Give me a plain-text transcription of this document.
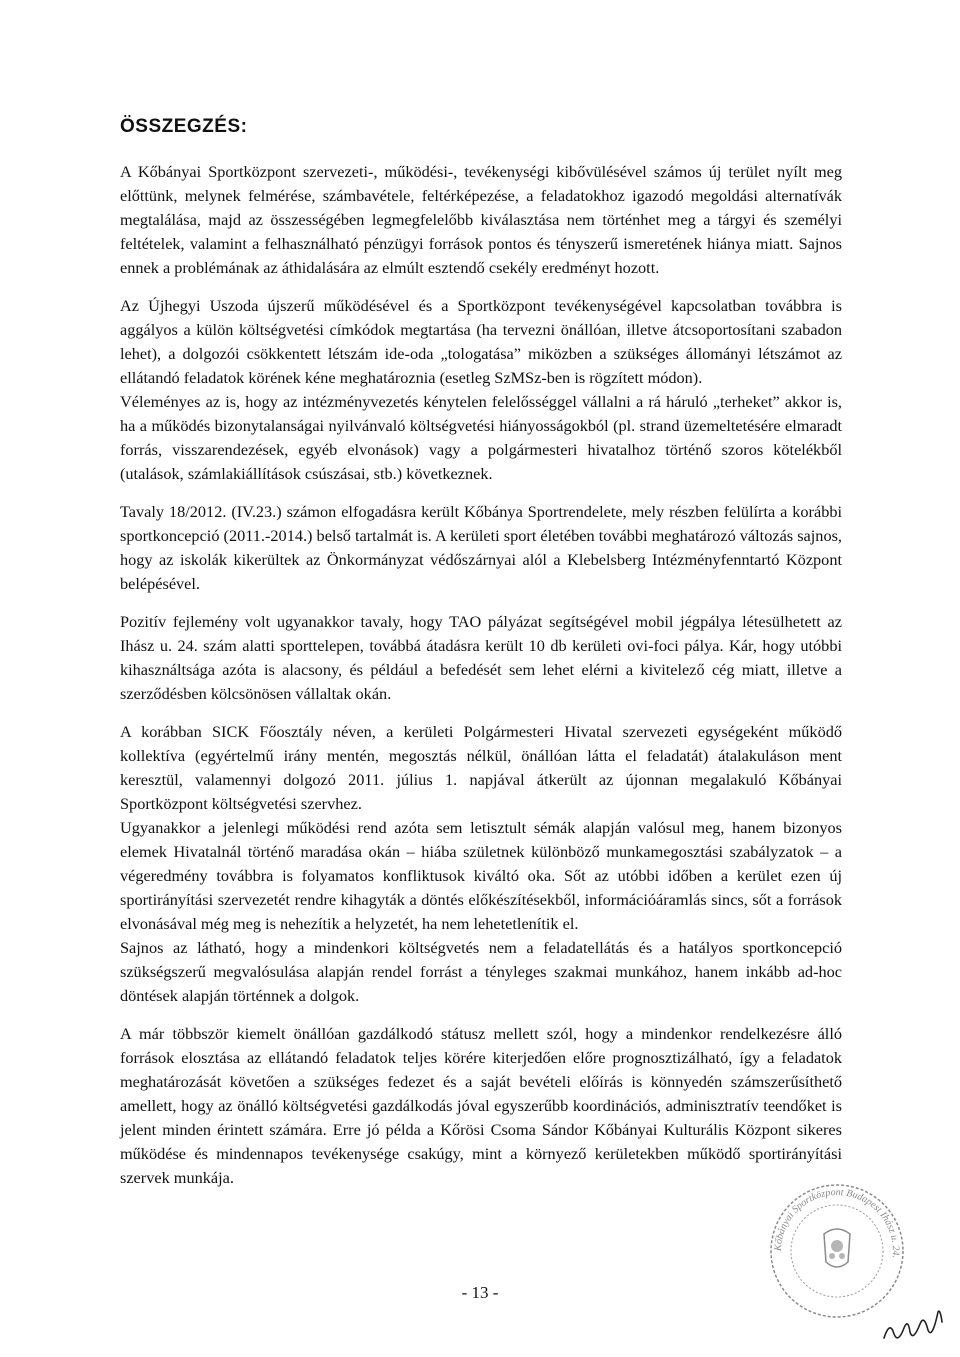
ÖSSZEGZÉS:

A Kőbányai Sportközpont szervezeti-, működési-, tevékenységi kibővülésével számos új terület nyílt meg előttünk, melynek felmérése, számbavétele, feltérképezése, a feladatokhoz igazodó megoldási alternatívák megtalálása, majd az összességében legmegfelelőbb kiválasztása nem történhet meg a tárgyi és személyi feltételek, valamint a felhasználható pénzügyi források pontos és tényszerű ismeretének hiánya miatt. Sajnos ennek a problémának az áthidalására az elmúlt esztendő csekély eredményt hozott.

Az Újhegyi Uszoda újszerű működésével és a Sportközpont tevékenységével kapcsolatban továbbra is aggályos a külön költségvetési címkódok megtartása (ha tervezni önállóan, illetve átcsoportosítani szabadon lehet), a dolgozói csökkentett létszám ide-oda „tologatása” miközben a szükséges állományi létszámot az ellátandó feladatok körének kéne meghatároznia (esetleg SzMSz-ben is rögzített módon).

Véleményes az is, hogy az intézményvezetés kénytelen felelősséggel vállalni a rá háruló „terheket” akkor is, ha a működés bizonytalanságai nyilvánvaló költségvetési hiányosságokból (pl. strand üzemeltetésére elmaradt forrás, visszarendezések, egyéb elvonások) vagy a polgármesteri hivatalhoz történő szoros kötelékből (utalások, számlakiállítások csúszásai, stb.) következnek.

Tavaly 18/2012. (IV.23.) számon elfogadásra került Kőbánya Sportrendelete, mely részben felülírta a korábbi sportkoncepció (2011.-2014.) belső tartalmát is. A kerületi sport életében további meghatározó változás sajnos, hogy az iskolák kikerültek az Önkormányzat védőszárnyai alól a Klebelsberg Intézményfenntartó Központ belépésével.

Pozitív fejlemény volt ugyanakkor tavaly, hogy TAO pályázat segítségével mobil jégpálya létesülhetett az Ihász u. 24. szám alatti sporttelepen, továbbá átadásra került 10 db kerületi ovi-foci pálya. Kár, hogy utóbbi kihasználtsága azóta is alacsony, és például a befedését sem lehet elérni a kivitelező cég miatt, illetve a szerződésben kölcsönösen vállaltak okán.

A korábban SICK Főosztály néven, a kerületi Polgármesteri Hivatal szervezeti egységeként működő kollektíva (egyértelmű irány mentén, megosztás nélkül, önállóan látta el feladatát) átalakuláson ment keresztül, valamennyi dolgozó 2011. július 1. napjával átkerült az újonnan megalakuló Kőbányai Sportközpont költségvetési szervhez.

Ugyanakkor a jelenlegi működési rend azóta sem letisztult sémák alapján valósul meg, hanem bizonyos elemek Hivatalnál történő maradása okán – hiába születnek különböző munkamegosztási szabályzatok – a végeredmény továbbra is folyamatos konfliktusok kiváltó oka. Sőt az utóbbi időben a kerület ezen új sportirányítási szervezetét rendre kihagyták a döntés előkészítésekből, információáramlás sincs, sőt a források elvonásával még meg is nehezítik a helyzetét, ha nem lehetetlenítik el.

Sajnos az látható, hogy a mindenkori költségvetés nem a feladatellátás és a hatályos sportkoncepció szükségszerű megvalósulása alapján rendel forrást a tényleges szakmai munkához, hanem inkább ad-hoc döntések alapján történnek a dolgok.

A már többször kiemelt önállóan gazdálkodó státusz mellett szól, hogy a mindenkor rendelkezésre álló források elosztása az ellátandó feladatok teljes körére kiterjedően előre prognosztizálható, így a feladatok meghatározását követően a szükséges fedezet és a saját bevételi előírás is könnyedén számszerűsíthető amellett, hogy az önálló költségvetési gazdálkodás jóval egyszerűbb koordinációs, adminisztratív teendőket is jelent minden érintett számára. Erre jó példa a Kőrösi Csoma Sándor Kőbányai Kulturális Központ sikeres működése és mindennapos tevékenysége csakúgy, mint a környező kerületekben működő sportirányítási szervek munkája.

- 13 -
Kőbányai Sportközpont Budapest Ihász u. 24.
